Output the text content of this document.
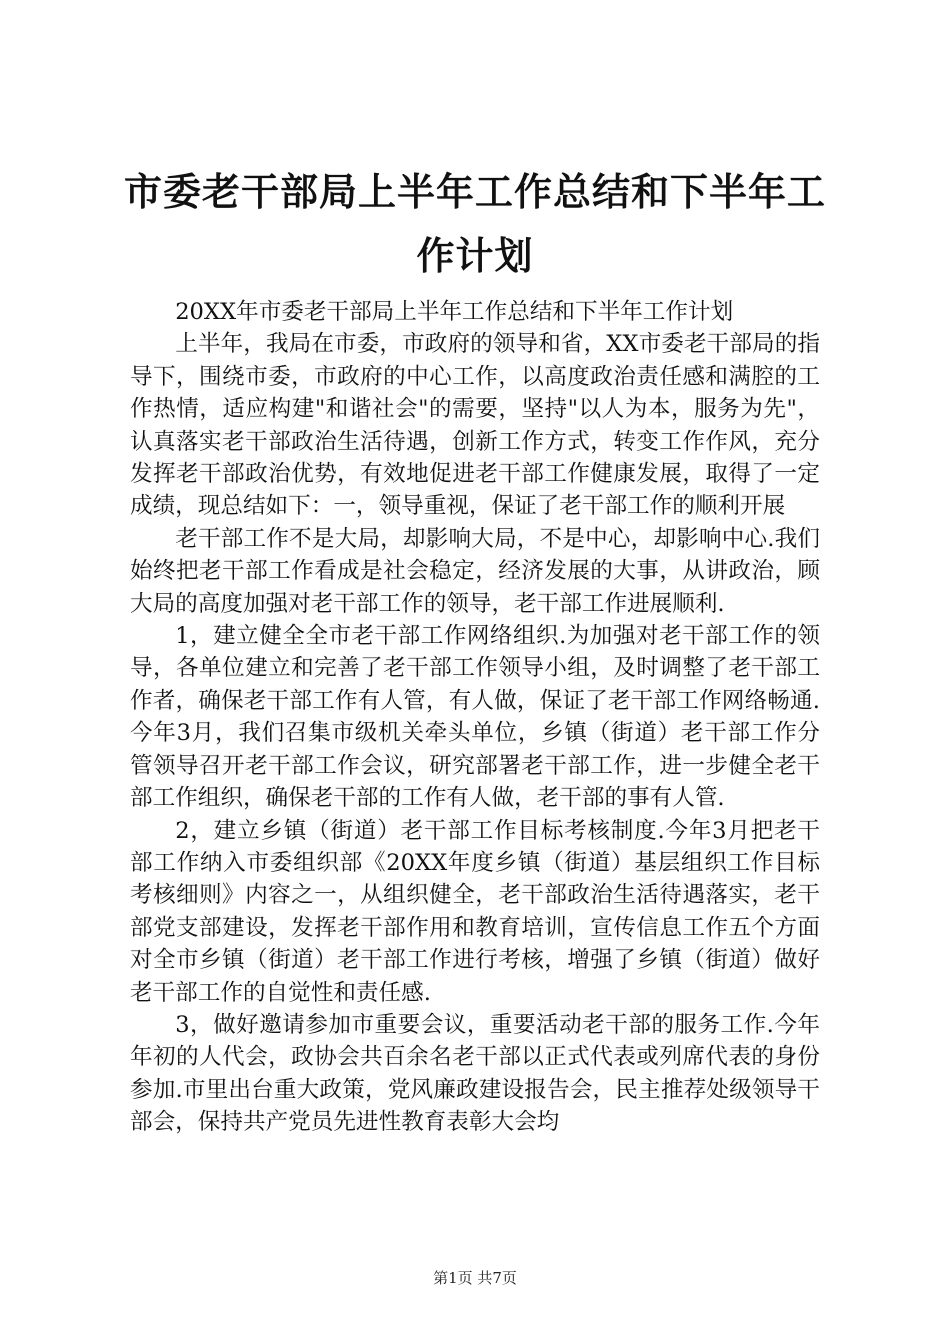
市委老干部局上半年工作总结和下半年工作计划

20XX年市委老干部局上半年工作总结和下半年工作计划

上半年，我局在市委，市政府的领导和省，XX市委老干部局的指导下，围绕市委，市政府的中心工作，以高度政治责任感和满腔的工作热情，适应构建"和谐社会"的需要，坚持"以人为本，服务为先"，认真落实老干部政治生活待遇，创新工作方式，转变工作作风，充分发挥老干部政治优势，有效地促进老干部工作健康发展，取得了一定成绩，现总结如下：一，领导重视，保证了老干部工作的顺利开展

老干部工作不是大局，却影响大局，不是中心，却影响中心.我们始终把老干部工作看成是社会稳定，经济发展的大事，从讲政治，顾大局的高度加强对老干部工作的领导，老干部工作进展顺利.

1，建立健全全市老干部工作网络组织.为加强对老干部工作的领导，各单位建立和完善了老干部工作领导小组，及时调整了老干部工作者，确保老干部工作有人管，有人做，保证了老干部工作网络畅通.今年3月，我们召集市级机关牵头单位，乡镇（街道）老干部工作分管领导召开老干部工作会议，研究部署老干部工作，进一步健全老干部工作组织，确保老干部的工作有人做，老干部的事有人管.

2，建立乡镇（街道）老干部工作目标考核制度.今年3月把老干部工作纳入市委组织部《20XX年度乡镇（街道）基层组织工作目标考核细则》内容之一，从组织健全，老干部政治生活待遇落实，老干部党支部建设，发挥老干部作用和教育培训，宣传信息工作五个方面对全市乡镇（街道）老干部工作进行考核，增强了乡镇（街道）做好老干部工作的自觉性和责任感.

3，做好邀请参加市重要会议，重要活动老干部的服务工作.今年年初的人代会，政协会共百余名老干部以正式代表或列席代表的身份参加.市里出台重大政策，党风廉政建设报告会，民主推荐处级领导干部会，保持共产党员先进性教育表彰大会均

第1页 共7页
